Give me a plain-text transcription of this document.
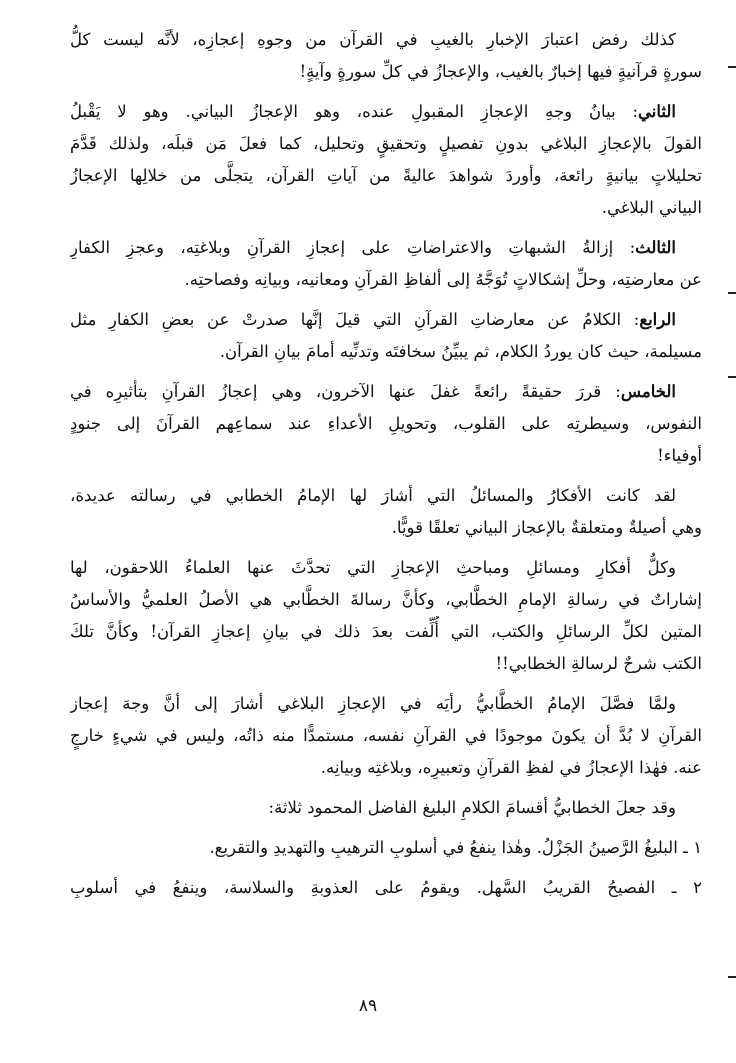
كذلك رفض اعتبارَ الإخبارِ بالغيبِ في القرآن من وجوهِ إعجازِه، لأنَّه ليست كلُّ
سورةٍ قرآنيةٍ فيها إخبارٌ بالغيب، والإعجازُ في كلِّ سورةٍ وآيةٍ!
الثاني: بيانُ وجهِ الإعجازِ المقبولِ عنده، وهو الإعجازُ البياني. وهو لا يَقْبلُ
القولَ بالإعجازِ البلاغي بدونِ تفصيلٍ وتحقيقٍ وتحليل، كما فعلَ مَن قبلَه، ولذلك قَدَّمَ
تحليلاتٍ بيانيةٍ رائعة، وأوردَ شواهدَ عاليةً من آياتِ القرآن، يتجلَّى من خلالِها الإعجازُ
البياني البلاغي.
الثالث: إزالةُ الشبهاتِ والاعتراضاتِ على إعجازِ القرآنِ وبلاغتِه، وعجزِ الكفارِ
عن معارضتِه، وحلِّ إشكالاتٍ تُوَجَّهُ إلى ألفاظِ القرآنِ ومعانيه، وبيانِه وفصاحتِه.
الرابع: الكلامُ عن معارضاتِ القرآنِ التي قيلَ إنَّها صدرتْ عن بعضِ الكفارِ مثل
مسيلمة، حيث كان يوردُ الكلام، ثم يبيِّنُ سخافتَه وتدنِّيه أمامَ بيانِ القرآن.
الخامس: قررَ حقيقةً رائعةً غفلَ عنها الآخرون، وهي إعجازُ القرآنِ بتأثيرِه في
النفوس، وسيطرتِه على القلوب، وتحويلِ الأعداءِ عند سماعِهم القرآنَ إلى جنودٍ
أوفياء!
لقد كانت الأفكارُ والمسائلُ التي أشارَ لها الإمامُ الخطابي في رسالته عديدة،
وهي أصيلةٌ ومتعلقةٌ بالإعجاز البياني تعلقًا قويًّا.
وكلُّ أفكارِ ومسائلِ ومباحثِ الإعجازِ التي تحدَّثَ عنها العلماءُ اللاحقون، لها
إشاراتٌ في رسالةِ الإمامِ الخطَّابي، وكأنَّ رسالةَ الخطَّابي هي الأصلُ العلميُّ والأساسُ
المتين لكلِّ الرسائلِ والكتب، التي أُلِّفت بعدَ ذلك في بيانِ إعجازِ القرآن! وكأنَّ تلكَ
الكتب شرحٌ لرسالةِ الخطابي!!
ولمَّا فصَّلَ الإمامُ الخطَّابيُّ رأيَه في الإعجازِ البلاغي أشارَ إلى أنَّ وجهَ إعجاز
القرآنِ لا بُدَّ أن يكونَ موجودًا في القرآنِ نفسه، مستمدًّا منه ذاتُه، وليس في شيءٍ خارجٍ
عنه. فهٰذا الإعجازُ في لفظِ القرآنِ وتعبيرِه، وبلاغتِه وبيانِه.
وقد جعلَ الخطابيُّ أقسامَ الكلامِ البليغ الفاضل المحمود ثلاثة:
١ ـ البليغُ الرَّصينُ الجَزْلُ. وهٰذا ينفعُ في أسلوبِ الترهيبِ والتهديدِ والتقريع.
٢ ـ الفصيحُ القريبُ السَّهل. ويقومُ على العذوبةِ والسلاسة، وينفعُ في أسلوبِ
٨٩
